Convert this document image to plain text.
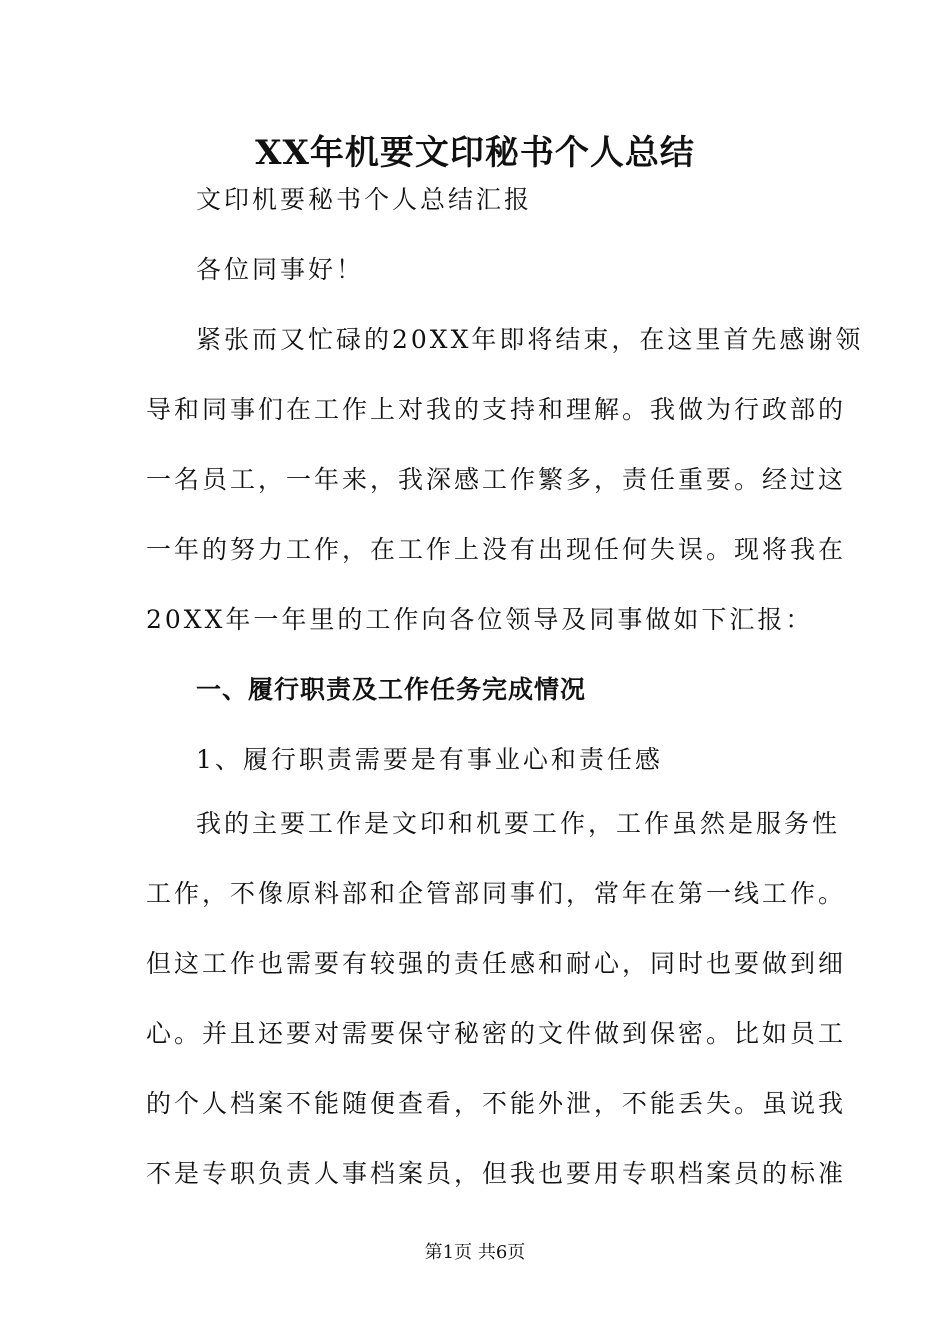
XX年机要文印秘书个人总结
文印机要秘书个人总结汇报
各位同事好！
紧张而又忙碌的20XX年即将结束，在这里首先感谢领
导和同事们在工作上对我的支持和理解。我做为行政部的
一名员工，一年来，我深感工作繁多，责任重要。经过这
一年的努力工作，在工作上没有出现任何失误。现将我在
20XX年一年里的工作向各位领导及同事做如下汇报：
一、履行职责及工作任务完成情况
1、履行职责需要是有事业心和责任感
我的主要工作是文印和机要工作，工作虽然是服务性
工作，不像原料部和企管部同事们，常年在第一线工作。
但这工作也需要有较强的责任感和耐心，同时也要做到细
心。并且还要对需要保守秘密的文件做到保密。比如员工
的个人档案不能随便查看，不能外泄，不能丢失。虽说我
不是专职负责人事档案员，但我也要用专职档案员的标准
第1页 共6页
